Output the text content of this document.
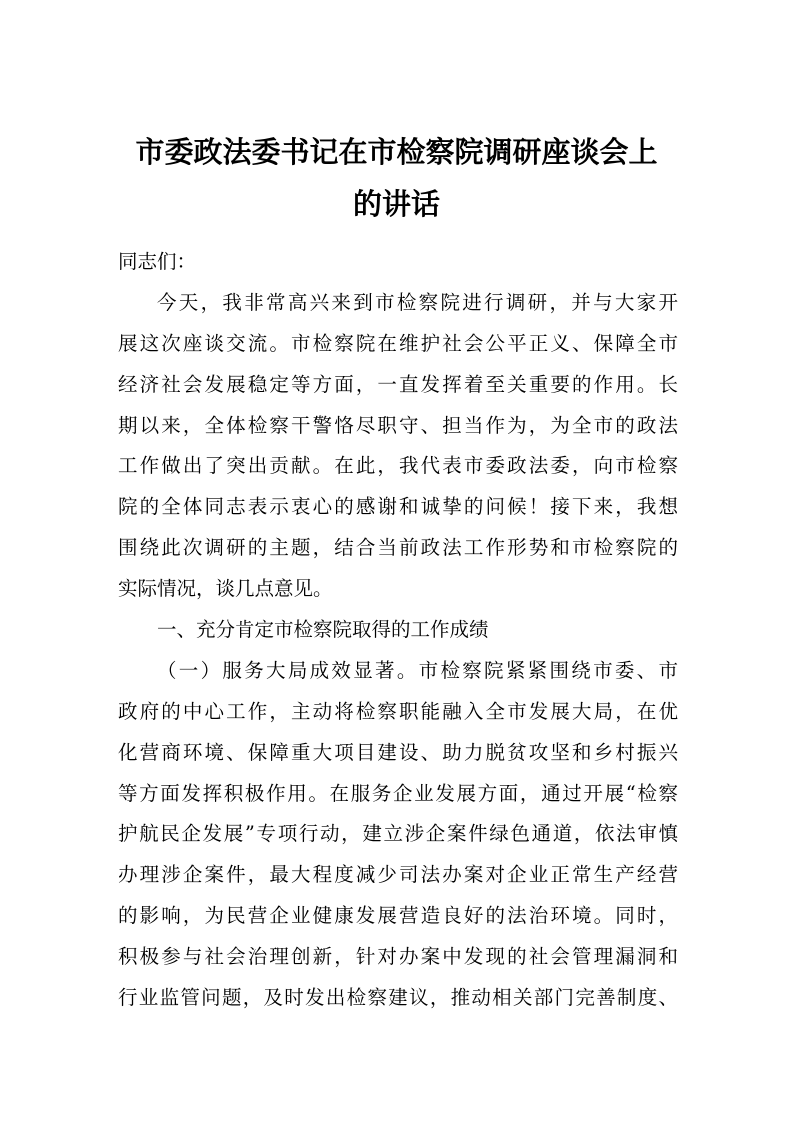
市委政法委书记在市检察院调研座谈会上
的讲话
同志们：
今天，我非常高兴来到市检察院进行调研，并与大家开
展这次座谈交流。市检察院在维护社会公平正义、保障全市
经济社会发展稳定等方面，一直发挥着至关重要的作用。长
期以来，全体检察干警恪尽职守、担当作为，为全市的政法
工作做出了突出贡献。在此，我代表市委政法委，向市检察
院的全体同志表示衷心的感谢和诚挚的问候！接下来，我想
围绕此次调研的主题，结合当前政法工作形势和市检察院的
实际情况，谈几点意见。
一、充分肯定市检察院取得的工作成绩
（一）服务大局成效显著。市检察院紧紧围绕市委、市
政府的中心工作，主动将检察职能融入全市发展大局，在优
化营商环境、保障重大项目建设、助力脱贫攻坚和乡村振兴
等方面发挥积极作用。在服务企业发展方面，通过开展“检察
护航民企发展”专项行动，建立涉企案件绿色通道，依法审慎
办理涉企案件，最大程度减少司法办案对企业正常生产经营
的影响，为民营企业健康发展营造良好的法治环境。同时，
积极参与社会治理创新，针对办案中发现的社会管理漏洞和
行业监管问题，及时发出检察建议，推动相关部门完善制度、
